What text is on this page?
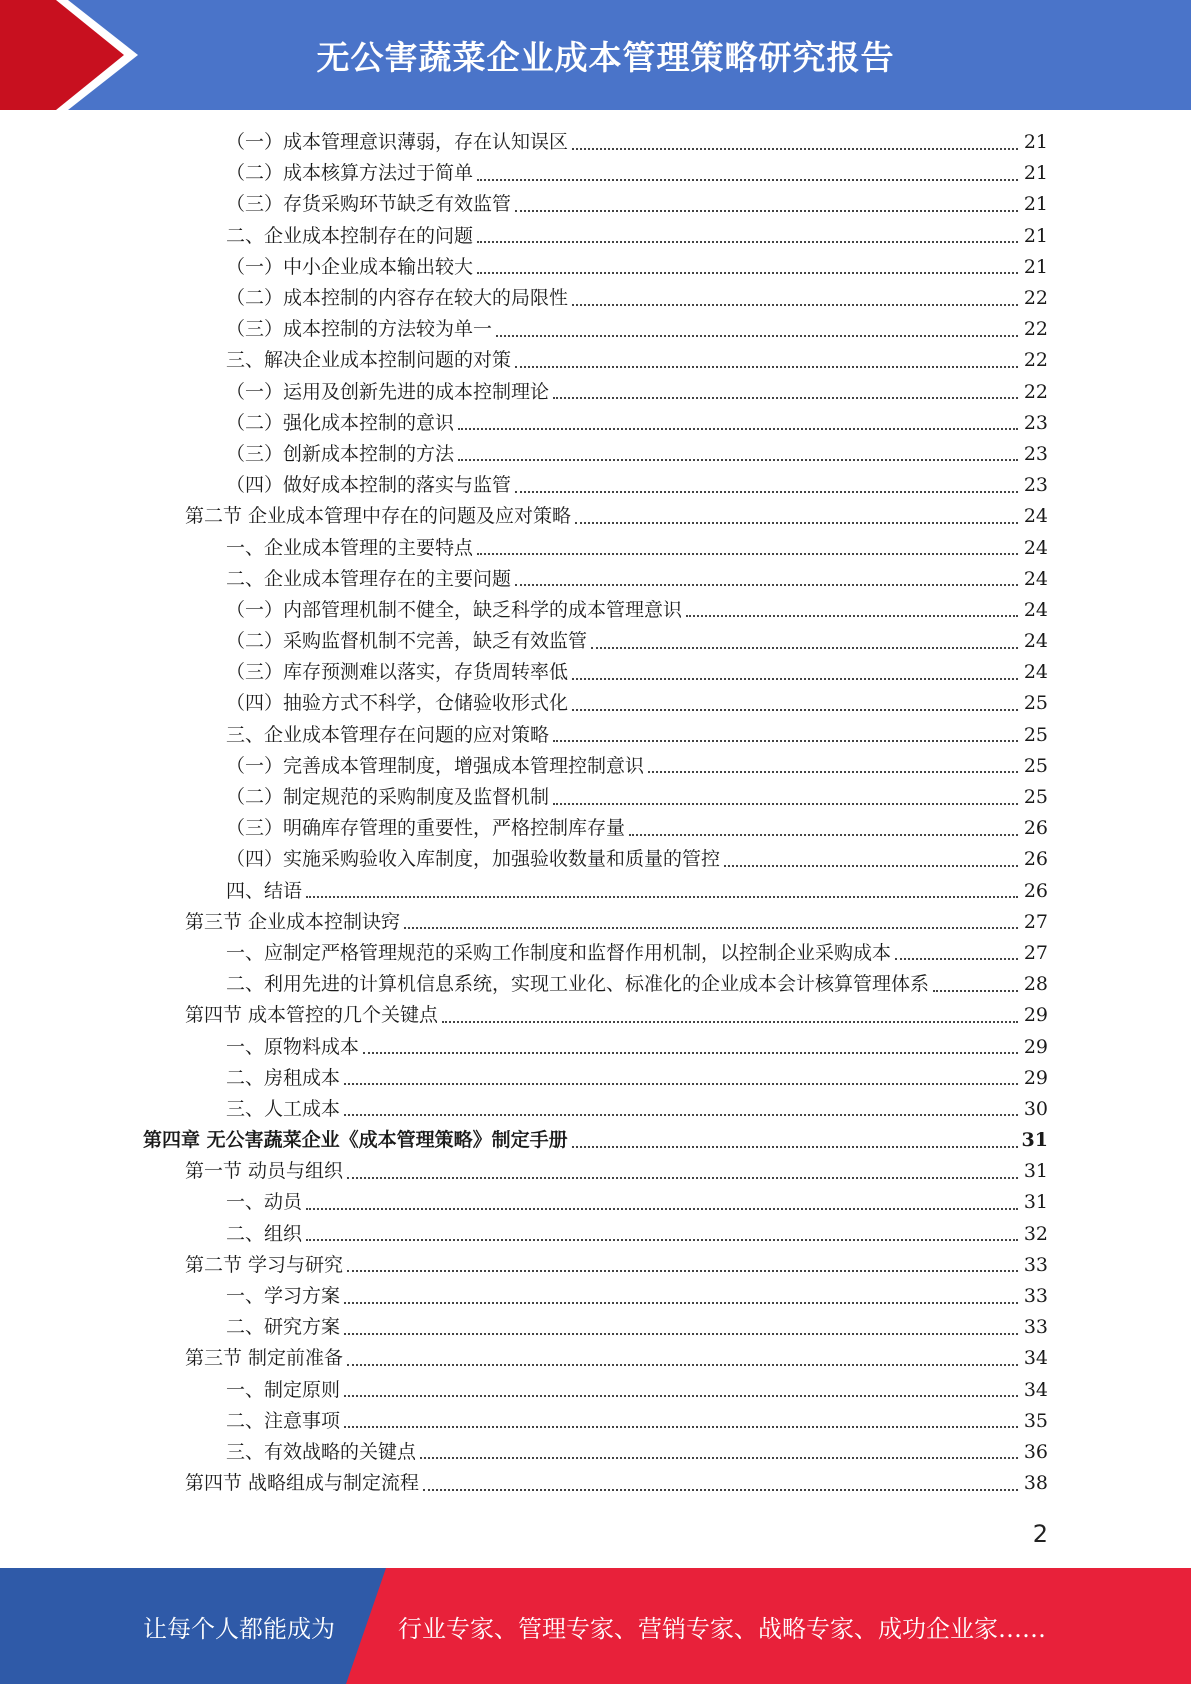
无公害蔬菜企业成本管理策略研究报告
（一）成本管理意识薄弱，存在认知误区	21
（二）成本核算方法过于简单	21
（三）存货采购环节缺乏有效监管	21
二、企业成本控制存在的问题	21
（一）中小企业成本输出较大	21
（二）成本控制的内容存在较大的局限性	22
（三）成本控制的方法较为单一	22
三、解决企业成本控制问题的对策	22
（一）运用及创新先进的成本控制理论	22
（二）强化成本控制的意识	23
（三）创新成本控制的方法	23
（四）做好成本控制的落实与监管	23
第二节 企业成本管理中存在的问题及应对策略	24
一、企业成本管理的主要特点	24
二、企业成本管理存在的主要问题	24
（一）内部管理机制不健全，缺乏科学的成本管理意识	24
（二）采购监督机制不完善，缺乏有效监管	24
（三）库存预测难以落实，存货周转率低	24
（四）抽验方式不科学，仓储验收形式化	25
三、企业成本管理存在问题的应对策略	25
（一）完善成本管理制度，增强成本管理控制意识	25
（二）制定规范的采购制度及监督机制	25
（三）明确库存管理的重要性，严格控制库存量	26
（四）实施采购验收入库制度，加强验收数量和质量的管控	26
四、结语	26
第三节 企业成本控制诀窍	27
一、应制定严格管理规范的采购工作制度和监督作用机制，以控制企业采购成本	27
二、利用先进的计算机信息系统，实现工业化、标准化的企业成本会计核算管理体系	28
第四节 成本管控的几个关键点	29
一、原物料成本	29
二、房租成本	29
三、人工成本	30
第四章 无公害蔬菜企业《成本管理策略》制定手册	31
第一节 动员与组织	31
一、动员	31
二、组织	32
第二节 学习与研究	33
一、学习方案	33
二、研究方案	33
第三节 制定前准备	34
一、制定原则	34
二、注意事项	35
三、有效战略的关键点	36
第四节 战略组成与制定流程	38
2
让每个人都能成为	行业专家、管理专家、营销专家、战略专家、成功企业家……
